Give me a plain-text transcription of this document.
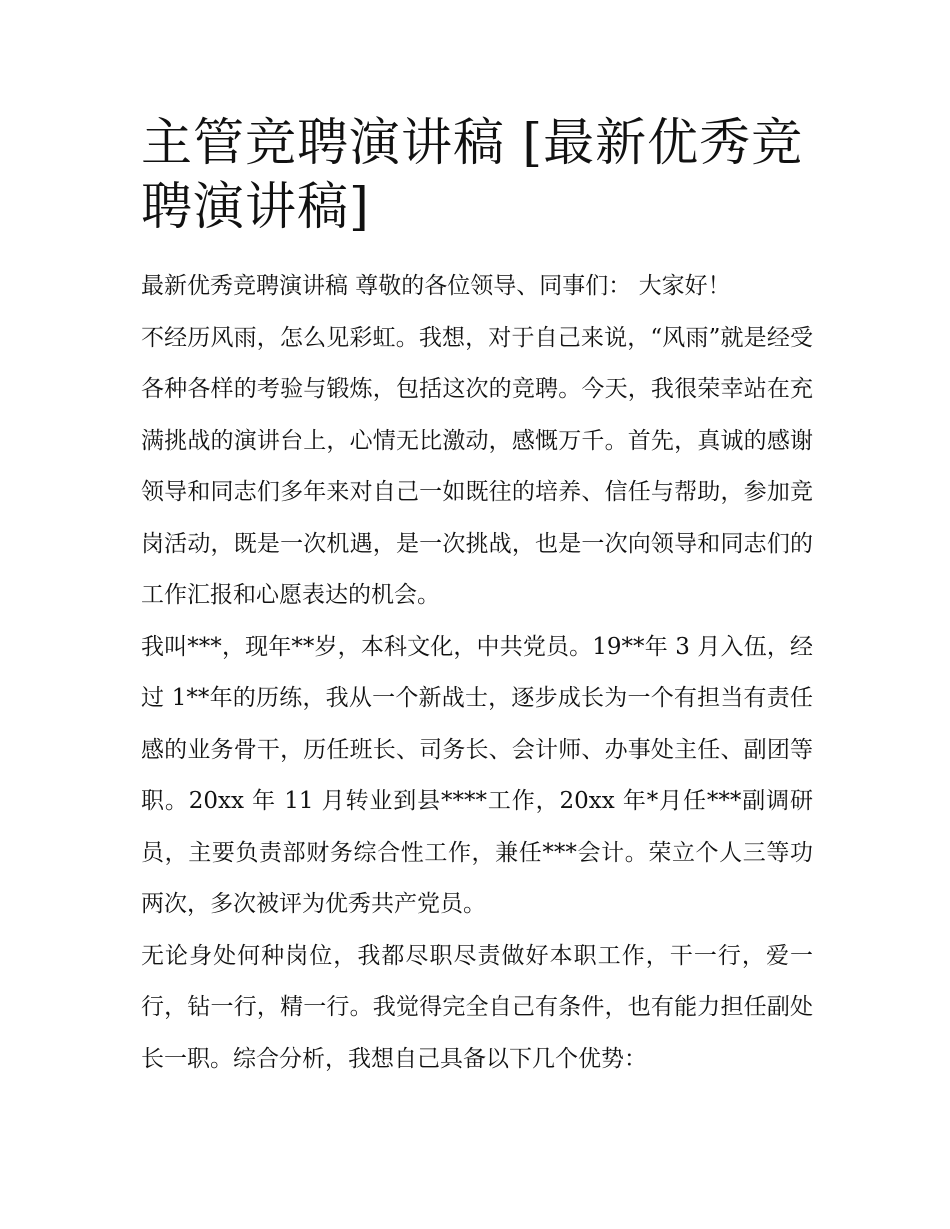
主管竞聘演讲稿 [最新优秀竞聘演讲稿]

最新优秀竞聘演讲稿 尊敬的各位领导、同事们： 大家好！

不经历风雨，怎么见彩虹。我想，对于自己来说，“风雨”就是经受各种各样的考验与锻炼，包括这次的竞聘。今天，我很荣幸站在充满挑战的演讲台上，心情无比激动，感慨万千。首先，真诚的感谢领导和同志们多年来对自己一如既往的培养、信任与帮助，参加竞岗活动，既是一次机遇，是一次挑战，也是一次向领导和同志们的工作汇报和心愿表达的机会。

我叫***，现年**岁，本科文化，中共党员。19**年 3 月入伍，经过 1**年的历练，我从一个新战士，逐步成长为一个有担当有责任感的业务骨干，历任班长、司务长、会计师、办事处主任、副团等职。20xx 年 11 月转业到县****工作，20xx 年*月任***副调研员，主要负责部财务综合性工作，兼任***会计。荣立个人三等功两次，多次被评为优秀共产党员。

无论身处何种岗位，我都尽职尽责做好本职工作，干一行，爱一行，钻一行，精一行。我觉得完全自己有条件，也有能力担任副处长一职。综合分析，我想自己具备以下几个优势：
